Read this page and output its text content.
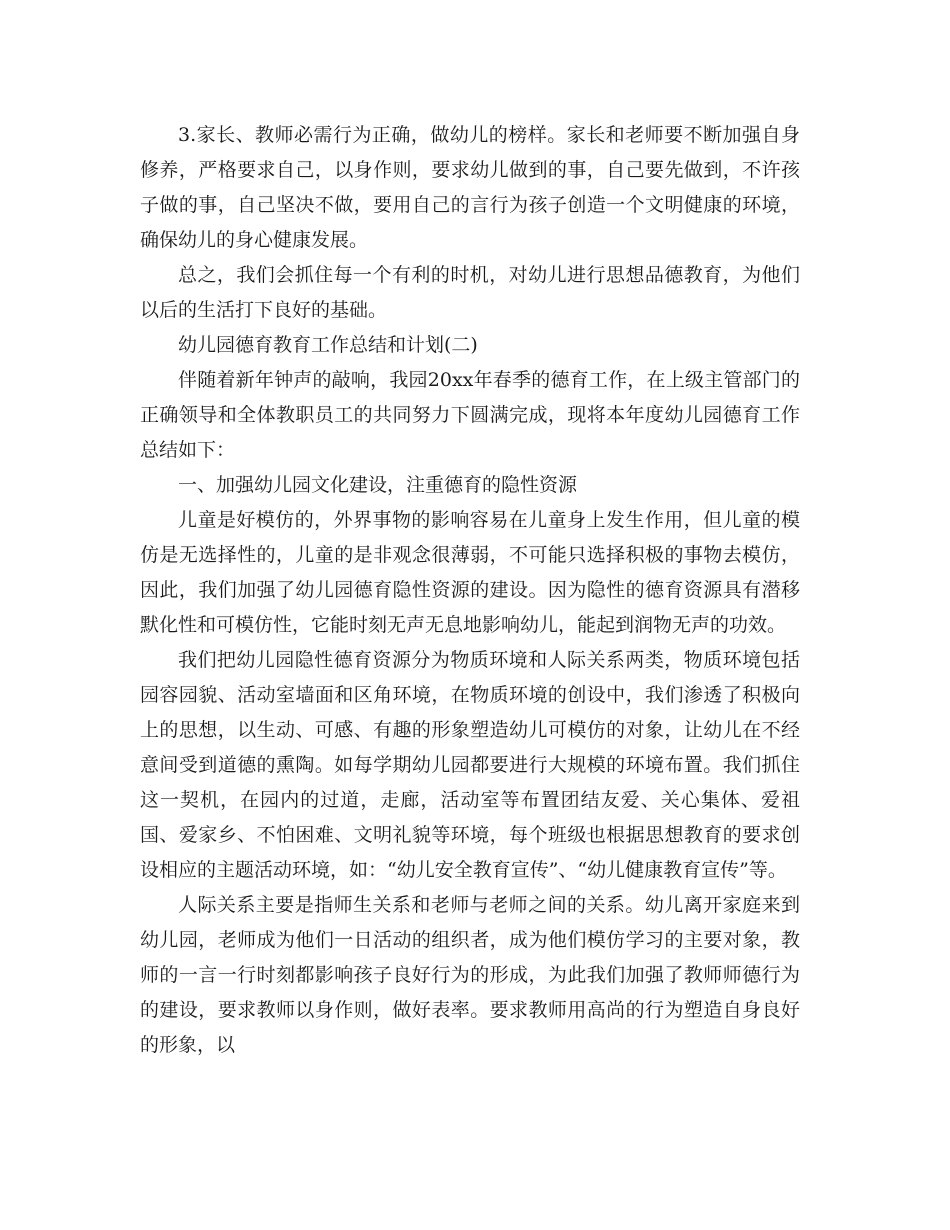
3.家长、教师必需行为正确，做幼儿的榜样。家长和老师要不断加强自身修养，严格要求自己，以身作则，要求幼儿做到的事，自己要先做到，不许孩子做的事，自己坚决不做，要用自己的言行为孩子创造一个文明健康的环境，确保幼儿的身心健康发展。

总之，我们会抓住每一个有利的时机，对幼儿进行思想品德教育，为他们以后的生活打下良好的基础。

幼儿园德育教育工作总结和计划(二)

伴随着新年钟声的敲响，我园20xx年春季的德育工作，在上级主管部门的正确领导和全体教职员工的共同努力下圆满完成，现将本年度幼儿园德育工作总结如下：

一、加强幼儿园文化建设，注重德育的隐性资源

儿童是好模仿的，外界事物的影响容易在儿童身上发生作用，但儿童的模仿是无选择性的，儿童的是非观念很薄弱，不可能只选择积极的事物去模仿，因此，我们加强了幼儿园德育隐性资源的建设。因为隐性的德育资源具有潜移默化性和可模仿性，它能时刻无声无息地影响幼儿，能起到润物无声的功效。

我们把幼儿园隐性德育资源分为物质环境和人际关系两类，物质环境包括园容园貌、活动室墙面和区角环境，在物质环境的创设中，我们渗透了积极向上的思想，以生动、可感、有趣的形象塑造幼儿可模仿的对象，让幼儿在不经意间受到道德的熏陶。如每学期幼儿园都要进行大规模的环境布置。我们抓住这一契机，在园内的过道，走廊，活动室等布置团结友爱、关心集体、爱祖国、爱家乡、不怕困难、文明礼貌等环境，每个班级也根据思想教育的要求创设相应的主题活动环境，如：“幼儿安全教育宣传”、“幼儿健康教育宣传”等。

人际关系主要是指师生关系和老师与老师之间的关系。幼儿离开家庭来到幼儿园，老师成为他们一日活动的组织者，成为他们模仿学习的主要对象，教师的一言一行时刻都影响孩子良好行为的形成，为此我们加强了教师师德行为的建设，要求教师以身作则，做好表率。要求教师用高尚的行为塑造自身良好的形象，以
